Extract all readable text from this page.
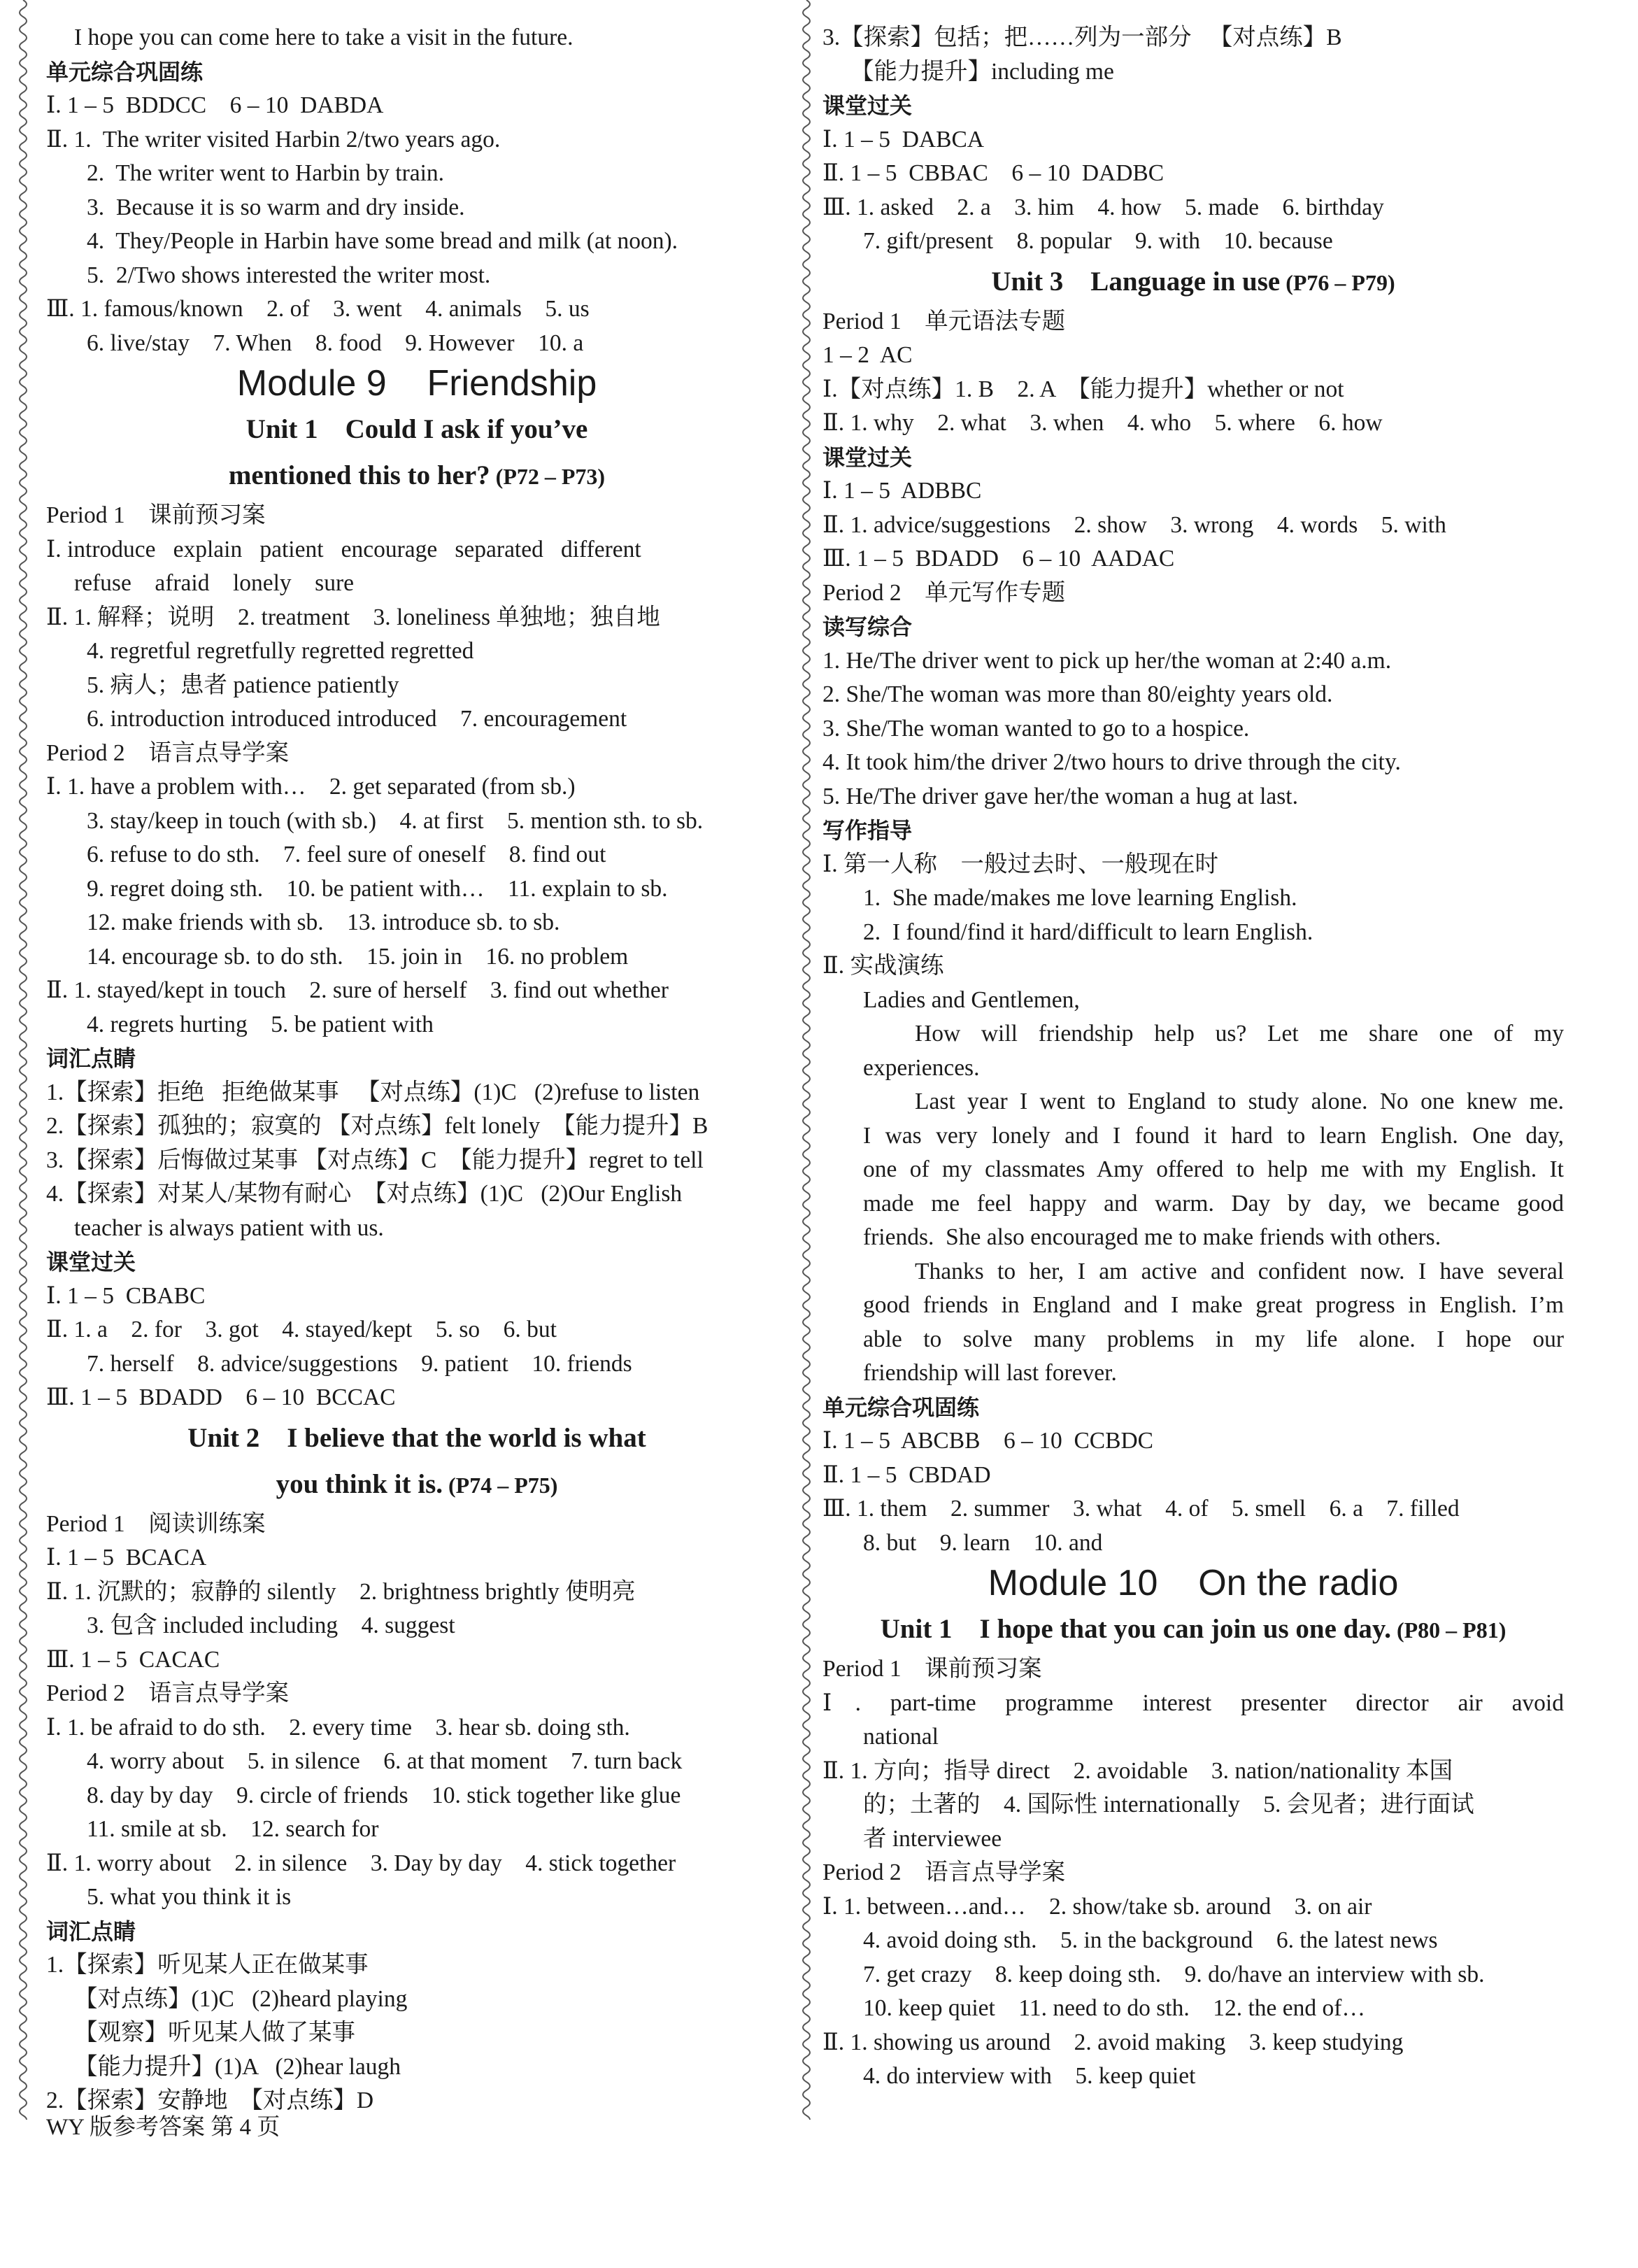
I hope you can come here to take a visit in the future.
单元综合巩固练
Ⅰ. 1 – 5  BDDCC    6 – 10  DABDA
Ⅱ. 1.  The writer visited Harbin 2/two years ago.
2.  The writer went to Harbin by train.
3.  Because it is so warm and dry inside.
4.  They/People in Harbin have some bread and milk (at noon).
5.  2/Two shows interested the writer most.
Ⅲ. 1. famous/known    2. of    3. went    4. animals    5. us
6. live/stay    7. When    8. food    9. However    10. a
Module 9    Friendship
Unit 1    Could I ask if you’ve
mentioned this to her? (P72 – P73)
Period 1    课前预习案
Ⅰ. introduce   explain   patient   encourage   separated   different
refuse    afraid    lonely    sure
Ⅱ. 1. 解释；说明    2. treatment    3. loneliness 单独地；独自地
4. regretful regretfully regretted regretted
5. 病人；患者 patience patiently
6. introduction introduced introduced    7. encouragement
Period 2    语言点导学案
Ⅰ. 1. have a problem with…    2. get separated (from sb.)
3. stay/keep in touch (with sb.)    4. at first    5. mention sth. to sb.
6. refuse to do sth.    7. feel sure of oneself    8. find out
9. regret doing sth.    10. be patient with…    11. explain to sb.
12. make friends with sb.    13. introduce sb. to sb.
14. encourage sb. to do sth.    15. join in    16. no problem
Ⅱ. 1. stayed/kept in touch    2. sure of herself    3. find out whether
4. regrets hurting    5. be patient with
词汇点睛
1.【探索】拒绝   拒绝做某事   【对点练】(1)C   (2)refuse to listen
2.【探索】孤独的；寂寞的 【对点练】felt lonely  【能力提升】B
3.【探索】后悔做过某事 【对点练】C  【能力提升】regret to tell
4.【探索】对某人/某物有耐心  【对点练】(1)C   (2)Our English
teacher is always patient with us.
课堂过关
Ⅰ. 1 – 5  CBABC
Ⅱ. 1. a    2. for    3. got    4. stayed/kept    5. so    6. but
7. herself    8. advice/suggestions    9. patient    10. friends
Ⅲ. 1 – 5  BDADD    6 – 10  BCCAC
Unit 2    I believe that the world is what
you think it is. (P74 – P75)
Period 1    阅读训练案
Ⅰ. 1 – 5  BCACA
Ⅱ. 1. 沉默的；寂静的 silently    2. brightness brightly 使明亮
3. 包含 included including    4. suggest
Ⅲ. 1 – 5  CACAC
Period 2    语言点导学案
Ⅰ. 1. be afraid to do sth.    2. every time    3. hear sb. doing sth.
4. worry about    5. in silence    6. at that moment    7. turn back
8. day by day    9. circle of friends    10. stick together like glue
11. smile at sb.    12. search for
Ⅱ. 1. worry about    2. in silence    3. Day by day    4. stick together
5. what you think it is
词汇点睛
1.【探索】听见某人正在做某事
【对点练】(1)C   (2)heard playing
【观察】听见某人做了某事
【能力提升】(1)A   (2)hear laugh
2.【探索】安静地  【对点练】D
3.【探索】包括；把……列为一部分   【对点练】B
【能力提升】including me
课堂过关
Ⅰ. 1 – 5  DABCA
Ⅱ. 1 – 5  CBBAC    6 – 10  DADBC
Ⅲ. 1. asked    2. a    3. him    4. how    5. made    6. birthday
7. gift/present    8. popular    9. with    10. because
Unit 3    Language in use (P76 – P79)
Period 1    单元语法专题
1 – 2  AC
Ⅰ.【对点练】1. B    2. A  【能力提升】whether or not
Ⅱ. 1. why    2. what    3. when    4. who    5. where    6. how
课堂过关
Ⅰ. 1 – 5  ADBBC
Ⅱ. 1. advice/suggestions    2. show    3. wrong    4. words    5. with
Ⅲ. 1 – 5  BDADD    6 – 10  AADAC
Period 2    单元写作专题
读写综合
1. He/The driver went to pick up her/the woman at 2:40 a.m.
2. She/The woman was more than 80/eighty years old.
3. She/The woman wanted to go to a hospice.
4. It took him/the driver 2/two hours to drive through the city.
5. He/The driver gave her/the woman a hug at last.
写作指导
Ⅰ. 第一人称    一般过去时、一般现在时
1.  She made/makes me love learning English.
2.  I found/find it hard/difficult to learn English.
Ⅱ. 实战演练
Ladies and Gentlemen,
How will friendship help us? Let me share one of my
experiences.
Last year I went to England to study alone. No one knew me.
I was very lonely and I found it hard to learn English. One day,
one of my classmates Amy offered to help me with my English. It
made me feel happy and warm. Day by day, we became good
friends.  She also encouraged me to make friends with others.
Thanks to her, I am active and confident now. I have several
good friends in England and I make great progress in English. I’m
able to solve many problems in my life alone. I hope our
friendship will last forever.
单元综合巩固练
Ⅰ. 1 – 5  ABCBB    6 – 10  CCBDC
Ⅱ. 1 – 5  CBDAD
Ⅲ. 1. them    2. summer    3. what    4. of    5. smell    6. a    7. filled
8. but    9. learn    10. and
Module 10    On the radio
Unit 1    I hope that you can join us one day. (P80 – P81)
Period 1    课前预习案
Ⅰ. part-time programme interest presenter director air avoid
national
Ⅱ. 1. 方向；指导 direct    2. avoidable    3. nation/nationality 本国
的；土著的    4. 国际性 internationally    5. 会见者；进行面试
者 interviewee
Period 2    语言点导学案
Ⅰ. 1. between…and…    2. show/take sb. around    3. on air
4. avoid doing sth.    5. in the background    6. the latest news
7. get crazy    8. keep doing sth.    9. do/have an interview with sb.
10. keep quiet    11. need to do sth.    12. the end of…
Ⅱ. 1. showing us around    2. avoid making    3. keep studying
4. do interview with    5. keep quiet
WY 版参考答案 第 4 页
